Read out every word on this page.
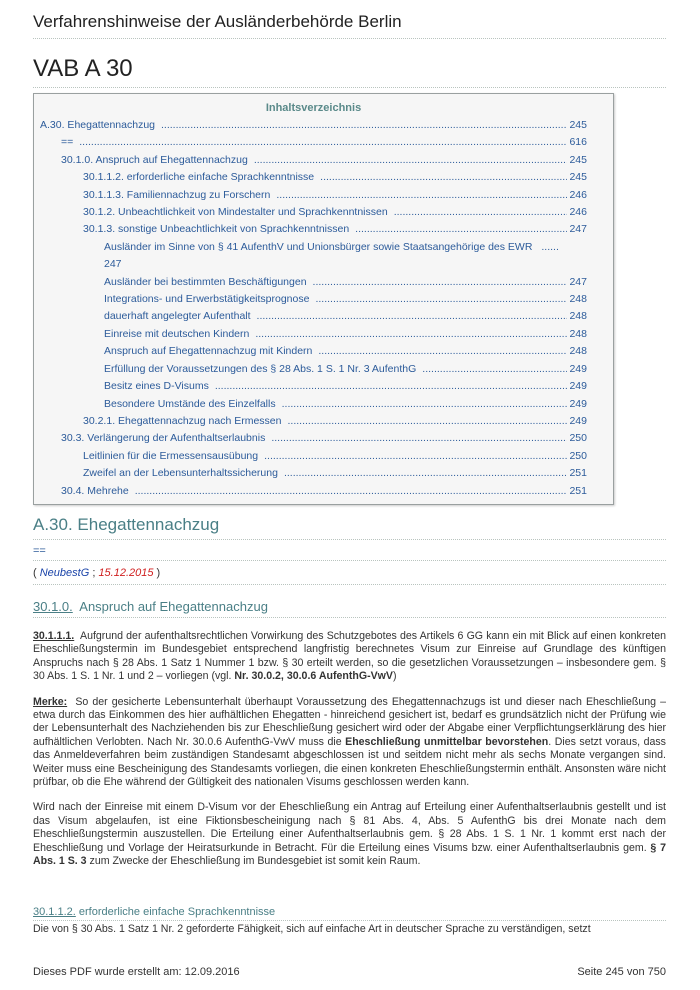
Verfahrenshinweise der Ausländerbehörde Berlin
VAB A 30
Inhaltsverzeichnis
A.30. Ehegattennachzug .....	245
== .....	616
30.1.0. Anspruch auf Ehegattennachzug .....	245
30.1.1.2. erforderliche einfache Sprachkenntnisse .....	245
30.1.1.3. Familiennachzug zu Forschern .....	246
30.1.2. Unbeachtlichkeit von Mindestalter und Sprachkenntnissen .....	246
30.1.3. sonstige Unbeachtlichkeit von Sprachkenntnissen .....	247
Ausländer im Sinne von § 41 AufenthV und Unionsbürger sowie Staatsangehörige des EWR ......
247
Ausländer bei bestimmten Beschäftigungen .....	247
Integrations- und Erwerbstätigkeitsprognose .....	248
dauerhaft angelegter Aufenthalt .....	248
Einreise mit deutschen Kindern .....	248
Anspruch auf Ehegattennachzug mit Kindern .....	248
Erfüllung der Voraussetzungen des § 28 Abs. 1 S. 1 Nr. 3 AufenthG .....	249
Besitz eines D-Visums .....	249
Besondere Umstände des Einzelfalls .....	249
30.2.1. Ehegattennachzug nach Ermessen .....	249
30.3. Verlängerung der Aufenthaltserlaubnis .....	250
Leitlinien für die Ermessensausübung .....	250
Zweifel an der Lebensunterhaltssicherung .....	251
30.4. Mehrehe .....	251
A.30. Ehegattennachzug
==
( NeubestG ; 15.12.2015 )
30.1.0. Anspruch auf Ehegattennachzug
30.1.1.1. Aufgrund der aufenthaltsrechtlichen Vorwirkung des Schutzgebotes des Artikels 6 GG kann ein mit Blick auf einen konkreten Eheschließungstermin im Bundesgebiet entsprechend langfristig berechnetes Visum zur Einreise auf Grundlage des künftigen Anspruchs nach § 28 Abs. 1 Satz 1 Nummer 1 bzw. § 30 erteilt werden, so die gesetzlichen Voraussetzungen – insbesondere gem. § 30 Abs. 1 S. 1 Nr. 1 und 2 – vorliegen (vgl. Nr. 30.0.2, 30.0.6 AufenthG-VwV)
Merke: So der gesicherte Lebensunterhalt überhaupt Voraussetzung des Ehegattennachzugs ist und dieser nach Eheschließung – etwa durch das Einkommen des hier aufhältlichen Ehegatten - hinreichend gesichert ist, bedarf es grundsätzlich nicht der Prüfung wie der Lebensunterhalt des Nachziehenden bis zur Eheschließung gesichert wird oder der Abgabe einer Verpflichtungserklärung des hier aufhältlichen Verlobten. Nach Nr. 30.0.6 AufenthG-VwV muss die Eheschließung unmittelbar bevorstehen. Dies setzt voraus, dass das Anmeldeverfahren beim zuständigen Standesamt abgeschlossen ist und seitdem nicht mehr als sechs Monate vergangen sind. Weiter muss eine Bescheinigung des Standesamts vorliegen, die einen konkreten Eheschließungstermin enthält. Ansonsten wäre nicht prüfbar, ob die Ehe während der Gültigkeit des nationalen Visums geschlossen werden kann.
Wird nach der Einreise mit einem D-Visum vor der Eheschließung ein Antrag auf Erteilung einer Aufenthaltserlaubnis gestellt und ist das Visum abgelaufen, ist eine Fiktionsbescheinigung nach § 81 Abs. 4, Abs. 5 AufenthG bis drei Monate nach dem Eheschließungstermin auszustellen. Die Erteilung einer Aufenthaltserlaubnis gem. § 28 Abs. 1 S. 1 Nr. 1 kommt erst nach der Eheschließung und Vorlage der Heiratsurkunde in Betracht. Für die Erteilung eines Visums bzw. einer Aufenthaltserlaubnis gem. § 7 Abs. 1 S. 3 zum Zwecke der Eheschließung im Bundesgebiet ist somit kein Raum.
30.1.1.2. erforderliche einfache Sprachkenntnisse
Die von § 30 Abs. 1 Satz 1 Nr. 2 geforderte Fähigkeit, sich auf einfache Art in deutscher Sprache zu verständigen, setzt
Dieses PDF wurde erstellt am: 12.09.2016	Seite 245 von 750
